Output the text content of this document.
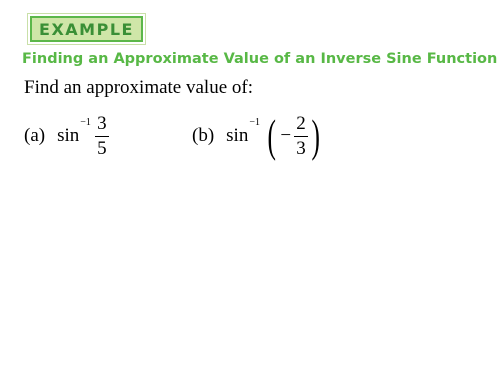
EXAMPLE
Finding an Approximate Value of an Inverse Sine Function
Find an approximate value of:
(a) sin
$-1 \frac{3}{5}$	(b) sin
−1 ( − $\frac{2}{3}$ )
